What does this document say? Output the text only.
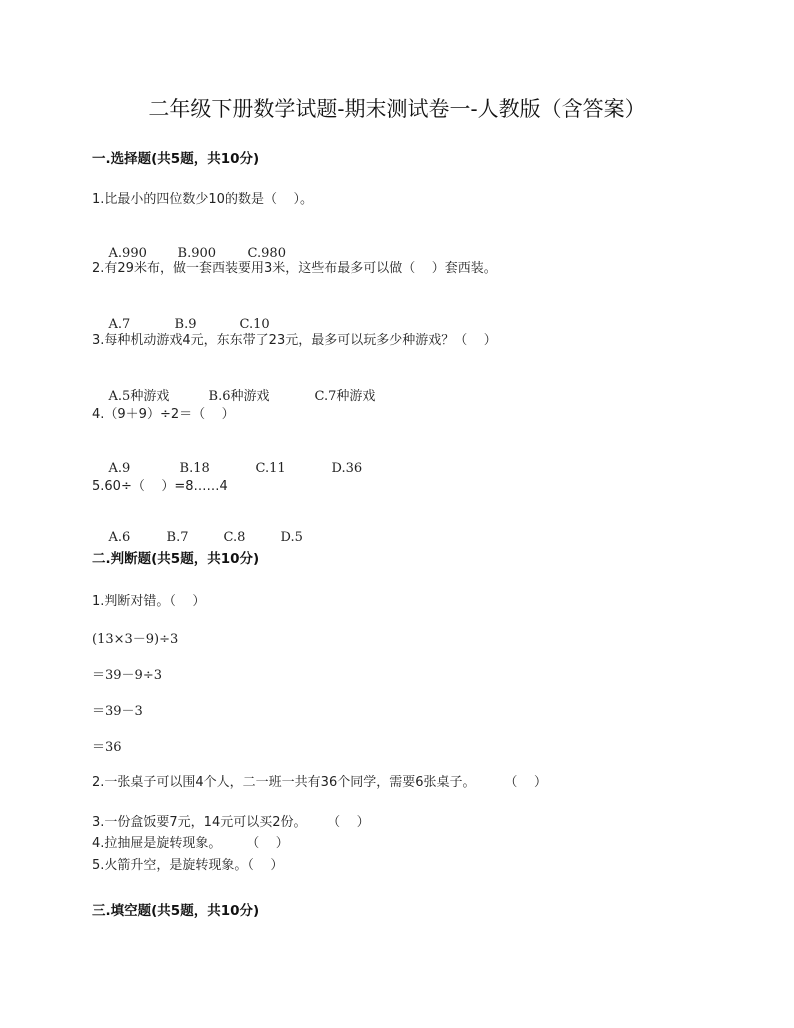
二年级下册数学试题-期末测试卷一-人教版（含答案）
一.选择题(共5题，共10分)
1.比最小的四位数少10的数是（    ）。

A.990 B.900 C.980

2.有29米布，做一套西装要用3米，这些布最多可以做（    ）套西装。

A.7	B.9	C.10

3.每种机动游戏4元，东东带了23元，最多可以玩多少种游戏？（    ）

A.5种游戏	B.6种游戏	C.7种游戏

4.（9＋9）÷2＝（    ）

A.9	B.18	C.11	D.36

5.60÷（    ）=8……4

A.6	B.7	C.8	D.5

二.判断题(共5题，共10分)
1.判断对错。（    ）
(13×3－9)÷3
＝39－9÷3
＝39－3
＝36
2.一张桌子可以围4个人，二一班一共有36个同学，需要6张桌子。       （    ）
3.一份盒饭要7元，14元可以买2份。     （    ）
4.拉抽屉是旋转现象。      （    ）
5.火箭升空，是旋转现象。（    ）
三.填空题(共5题，共10分)
